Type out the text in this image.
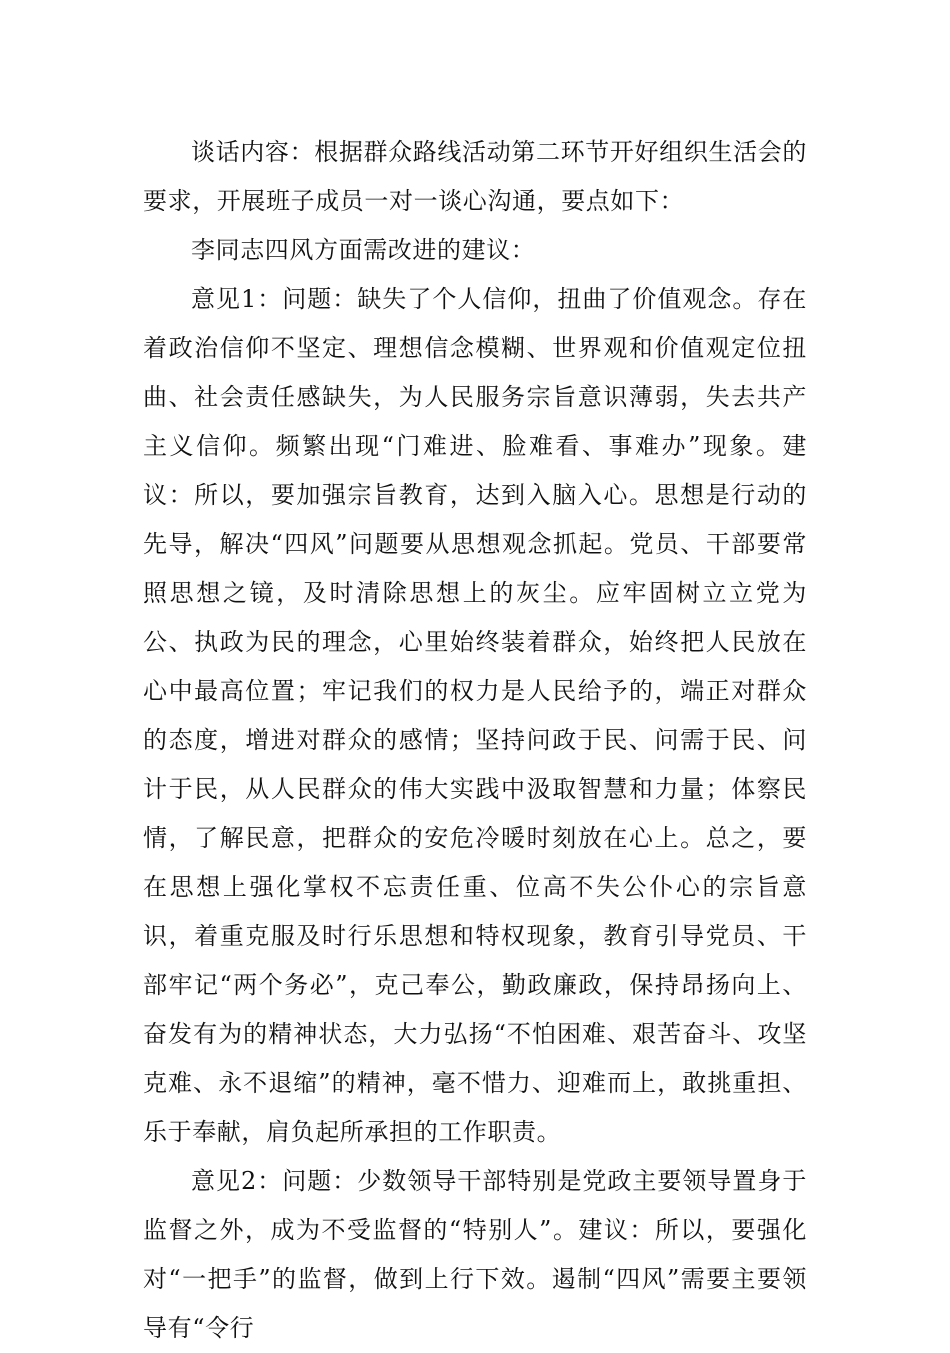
谈话内容：根据群众路线活动第二环节开好组织生活会的要求，开展班子成员一对一谈心沟通，要点如下：

李同志四风方面需改进的建议：

意见1：问题：缺失了个人信仰，扭曲了价值观念。存在着政治信仰不坚定、理想信念模糊、世界观和价值观定位扭曲、社会责任感缺失，为人民服务宗旨意识薄弱，失去共产主义信仰。频繁出现“门难进、脸难看、事难办”现象。建议：所以，要加强宗旨教育，达到入脑入心。思想是行动的先导，解决“四风”问题要从思想观念抓起。党员、干部要常照思想之镜，及时清除思想上的灰尘。应牢固树立立党为公、执政为民的理念，心里始终装着群众，始终把人民放在心中最高位置；牢记我们的权力是人民给予的，端正对群众的态度，增进对群众的感情；坚持问政于民、问需于民、问计于民，从人民群众的伟大实践中汲取智慧和力量；体察民情，了解民意，把群众的安危冷暖时刻放在心上。总之，要在思想上强化掌权不忘责任重、位高不失公仆心的宗旨意识，着重克服及时行乐思想和特权现象，教育引导党员、干部牢记“两个务必”，克己奉公，勤政廉政，保持昂扬向上、奋发有为的精神状态，大力弘扬“不怕困难、艰苦奋斗、攻坚克难、永不退缩”的精神，毫不惜力、迎难而上，敢挑重担、乐于奉献，肩负起所承担的工作职责。

意见2：问题：少数领导干部特别是党政主要领导置身于监督之外，成为不受监督的“特别人”。建议：所以，要强化对“一把手”的监督，做到上行下效。遏制“四风”需要主要领导有“令行
